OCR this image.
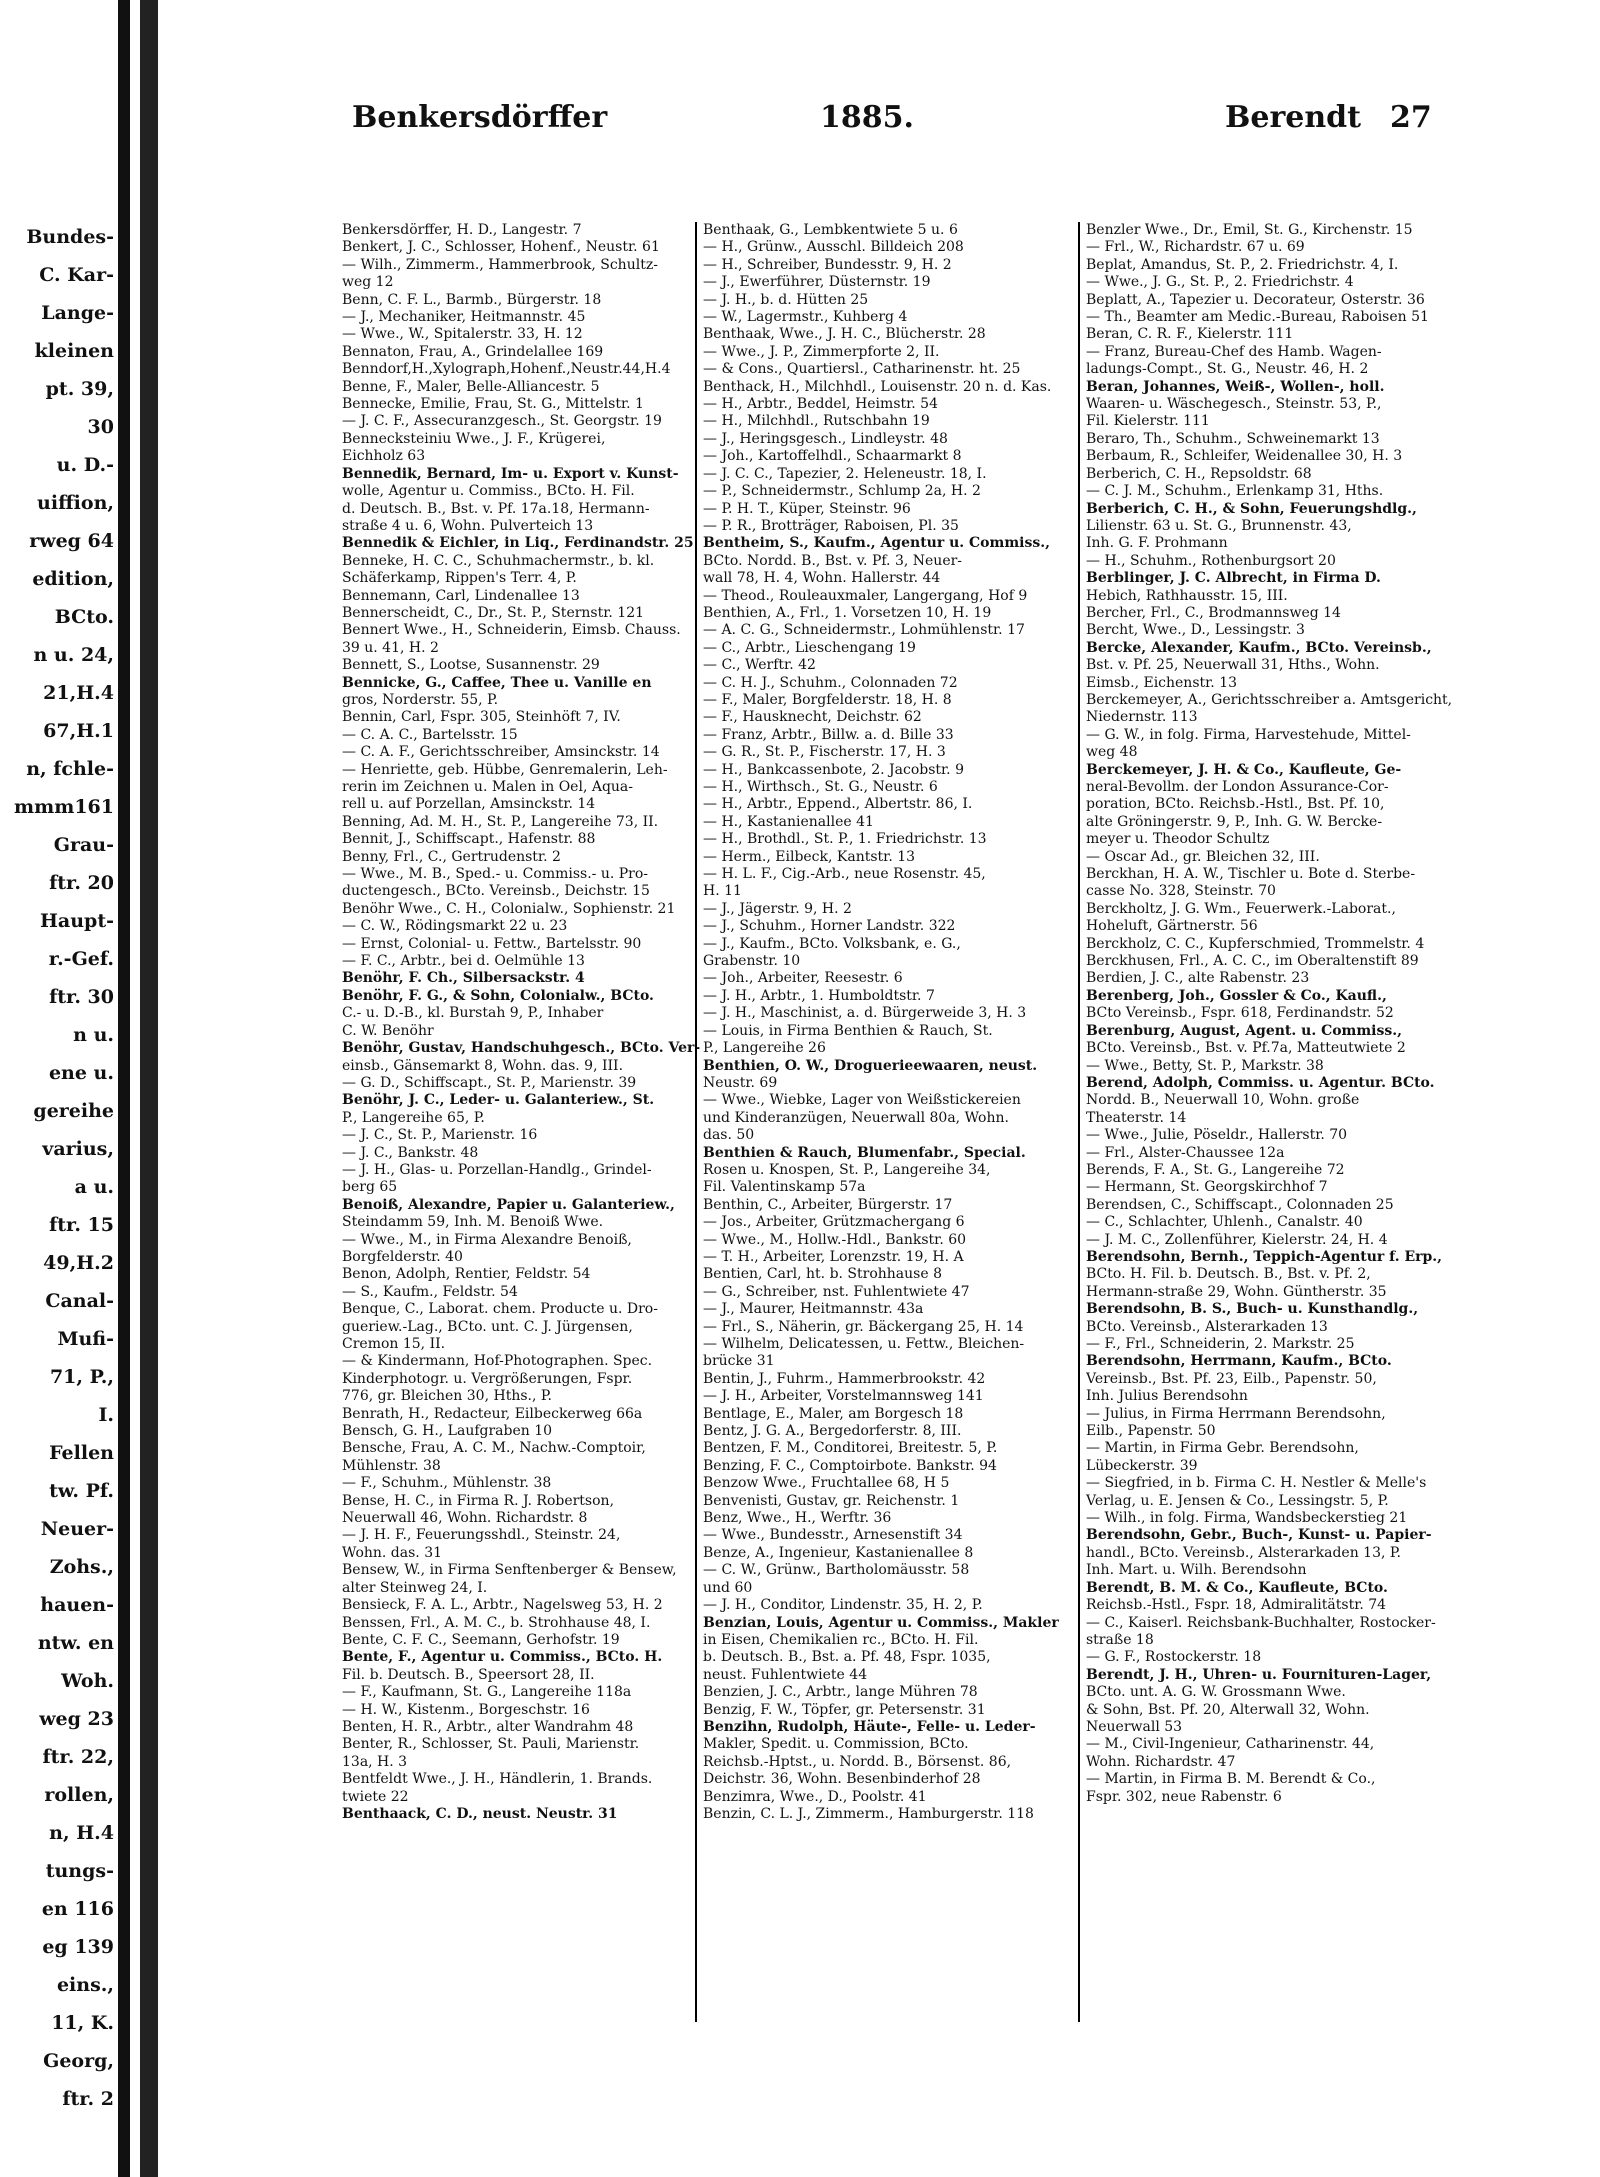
Bundes-
C. Kar-
Lange-
kleinen
pt. 39,
30
u. D.-
uiffion,
rweg 64
edition,
BCto.
n u. 24,
21,H.4
67,H.1
n, fchle-
mmm161
Grau-
ftr. 20
Haupt-
r.-Gef.
ftr. 30
n u.
ene u.
gereihe
varius,
a u.
ftr. 15
49,H.2
Canal-
Mufi-
71, P.,
I.
Fellen
tw. Pf.
Neuer-
Zohs.,
hauen-
ntw. en
Woh.
weg 23
ftr. 22,
rollen,
n, H.4
tungs-
en 116
eg 139
eins.,
11, K.
Georg,
ftr. 2
Benkersdörffer	1885.	Berendt 27
Benkersdörffer, H. D., Langestr. 7
Benkert, J. C., Schlosser, Hohenf., Neustr. 61
— Wilh., Zimmerm., Hammerbrook, Schultz-
weg 12
Benn, C. F. L., Barmb., Bürgerstr. 18
— J., Mechaniker, Heitmannstr. 45
— Wwe., W., Spitalerstr. 33, H. 12
Bennaton, Frau, A., Grindelallee 169
Benndorf,H.,Xylograph,Hohenf.,Neustr.44,H.4
Benne, F., Maler, Belle-Alliancestr. 5
Bennecke, Emilie, Frau, St. G., Mittelstr. 1
— J. C. F., Assecuranzgesch., St. Georgstr. 19
Bennecksteiniu Wwe., J. F., Krügerei,
Eichholz 63
Bennedik, Bernard, Im- u. Export v. Kunst-
wolle, Agentur u. Commiss., BCto. H. Fil.
d. Deutsch. B., Bst. v. Pf. 17a.18, Hermann-
straße 4 u. 6, Wohn. Pulverteich 13
Bennedik & Eichler, in Liq., Ferdinandstr. 25
Benneke, H. C. C., Schuhmachermstr., b. kl.
Schäferkamp, Rippen's Terr. 4, P.
Bennemann, Carl, Lindenallee 13
Bennerscheidt, C., Dr., St. P., Sternstr. 121
Bennert Wwe., H., Schneiderin, Eimsb. Chauss.
39 u. 41, H. 2
Bennett, S., Lootse, Susannenstr. 29
Bennicke, G., Caffee, Thee u. Vanille en
gros, Norderstr. 55, P.
Bennin, Carl, Fspr. 305, Steinhöft 7, IV.
— C. A. C., Bartelsstr. 15
— C. A. F., Gerichtsschreiber, Amsinckstr. 14
— Henriette, geb. Hübbe, Genremalerin, Leh-
rerin im Zeichnen u. Malen in Oel, Aqua-
rell u. auf Porzellan, Amsinckstr. 14
Benning, Ad. M. H., St. P., Langereihe 73, II.
Bennit, J., Schiffscapt., Hafenstr. 88
Benny, Frl., C., Gertrudenstr. 2
— Wwe., M. B., Sped.- u. Commiss.- u. Pro-
ductengesch., BCto. Vereinsb., Deichstr. 15
Benöhr Wwe., C. H., Colonialw., Sophienstr. 21
— C. W., Rödingsmarkt 22 u. 23
— Ernst, Colonial- u. Fettw., Bartelsstr. 90
— F. C., Arbtr., bei d. Oelmühle 13
Benöhr, F. Ch., Silbersackstr. 4
Benöhr, F. G., & Sohn, Colonialw., BCto.
C.- u. D.-B., kl. Burstah 9, P., Inhaber
C. W. Benöhr
Benöhr, Gustav, Handschuhgesch., BCto. Ver-
einsb., Gänsemarkt 8, Wohn. das. 9, III.
— G. D., Schiffscapt., St. P., Marienstr. 39
Benöhr, J. C., Leder- u. Galanteriew., St.
P., Langereihe 65, P.
— J. C., St. P., Marienstr. 16
— J. C., Bankstr. 48
— J. H., Glas- u. Porzellan-Handlg., Grindel-
berg 65
Benoiß, Alexandre, Papier u. Galanteriew.,
Steindamm 59, Inh. M. Benoiß Wwe.
— Wwe., M., in Firma Alexandre Benoiß,
Borgfelderstr. 40
Benon, Adolph, Rentier, Feldstr. 54
— S., Kaufm., Feldstr. 54
Benque, C., Laborat. chem. Producte u. Dro-
gueriew.-Lag., BCto. unt. C. J. Jürgensen,
Cremon 15, II.
— & Kindermann, Hof-Photographen. Spec.
Kinderphotogr. u. Vergrößerungen, Fspr.
776, gr. Bleichen 30, Hths., P.
Benrath, H., Redacteur, Eilbeckerweg 66a
Bensch, G. H., Laufgraben 10
Bensche, Frau, A. C. M., Nachw.-Comptoir,
Mühlenstr. 38
— F., Schuhm., Mühlenstr. 38
Bense, H. C., in Firma R. J. Robertson,
Neuerwall 46, Wohn. Richardstr. 8
— J. H. F., Feuerungsshdl., Steinstr. 24,
Wohn. das. 31
Bensew, W., in Firma Senftenberger & Bensew,
alter Steinweg 24, I.
Bensieck, F. A. L., Arbtr., Nagelsweg 53, H. 2
Benssen, Frl., A. M. C., b. Strohhause 48, I.
Bente, C. F. C., Seemann, Gerhofstr. 19
Bente, F., Agentur u. Commiss., BCto. H.
Fil. b. Deutsch. B., Speersort 28, II.
— F., Kaufmann, St. G., Langereihe 118a
— H. W., Kistenm., Borgeschstr. 16
Benten, H. R., Arbtr., alter Wandrahm 48
Benter, R., Schlosser, St. Pauli, Marienstr.
13a, H. 3
Bentfeldt Wwe., J. H., Händlerin, 1. Brands.
twiete 22
Benthaack, C. D., neust. Neustr. 31
Benthaak, G., Lembkentwiete 5 u. 6
— H., Grünw., Ausschl. Billdeich 208
— H., Schreiber, Bundesstr. 9, H. 2
— J., Ewerführer, Düsternstr. 19
— J. H., b. d. Hütten 25
— W., Lagermstr., Kuhberg 4
Benthaak, Wwe., J. H. C., Blücherstr. 28
— Wwe., J. P., Zimmerpforte 2, II.
— & Cons., Quartiersl., Catharinenstr. ht. 25
Benthack, H., Milchhdl., Louisenstr. 20 n. d. Kas.
— H., Arbtr., Beddel, Heimstr. 54
— H., Milchhdl., Rutschbahn 19
— J., Heringsgesch., Lindleystr. 48
— Joh., Kartoffelhdl., Schaarmarkt 8
— J. C. C., Tapezier, 2. Heleneustr. 18, I.
— P., Schneidermstr., Schlump 2a, H. 2
— P. H. T., Küper, Steinstr. 96
— P. R., Brotträger, Raboisen, Pl. 35
Bentheim, S., Kaufm., Agentur u. Commiss.,
BCto. Nordd. B., Bst. v. Pf. 3, Neuer-
wall 78, H. 4, Wohn. Hallerstr. 44
— Theod., Rouleauxmaler, Langergang, Hof 9
Benthien, A., Frl., 1. Vorsetzen 10, H. 19
— A. C. G., Schneidermstr., Lohmühlenstr. 17
— C., Arbtr., Lieschengang 19
— C., Werftr. 42
— C. H. J., Schuhm., Colonnaden 72
— F., Maler, Borgfelderstr. 18, H. 8
— F., Hausknecht, Deichstr. 62
— Franz, Arbtr., Billw. a. d. Bille 33
— G. R., St. P., Fischerstr. 17, H. 3
— H., Bankcassenbote, 2. Jacobstr. 9
— H., Wirthsch., St. G., Neustr. 6
— H., Arbtr., Eppend., Albertstr. 86, I.
— H., Kastanienallee 41
— H., Brothdl., St. P., 1. Friedrichstr. 13
— Herm., Eilbeck, Kantstr. 13
— H. L. F., Cig.-Arb., neue Rosenstr. 45,
H. 11
— J., Jägerstr. 9, H. 2
— J., Schuhm., Horner Landstr. 322
— J., Kaufm., BCto. Volksbank, e. G.,
Grabenstr. 10
— Joh., Arbeiter, Reesestr. 6
— J. H., Arbtr., 1. Humboldtstr. 7
— J. H., Maschinist, a. d. Bürgerweide 3, H. 3
— Louis, in Firma Benthien & Rauch, St.
P., Langereihe 26
Benthien, O. W., Droguerieewaaren, neust.
Neustr. 69
— Wwe., Wiebke, Lager von Weißstickereien
und Kinderanzügen, Neuerwall 80a, Wohn.
das. 50
Benthien & Rauch, Blumenfabr., Special.
Rosen u. Knospen, St. P., Langereihe 34,
Fil. Valentinskamp 57a
Benthin, C., Arbeiter, Bürgerstr. 17
— Jos., Arbeiter, Grützmachergang 6
— Wwe., M., Hollw.-Hdl., Bankstr. 60
— T. H., Arbeiter, Lorenzstr. 19, H. A
Bentien, Carl, ht. b. Strohhause 8
— G., Schreiber, nst. Fuhlentwiete 47
— J., Maurer, Heitmannstr. 43a
— Frl., S., Näherin, gr. Bäckergang 25, H. 14
— Wilhelm, Delicatessen, u. Fettw., Bleichen-
brücke 31
Bentin, J., Fuhrm., Hammerbrookstr. 42
— J. H., Arbeiter, Vorstelmannsweg 141
Bentlage, E., Maler, am Borgesch 18
Bentz, J. G. A., Bergedorferstr. 8, III.
Bentzen, F. M., Conditorei, Breitestr. 5, P.
Benzing, F. C., Comptoirbote. Bankstr. 94
Benzow Wwe., Fruchtallee 68, H 5
Benvenisti, Gustav, gr. Reichenstr. 1
Benz, Wwe., H., Werftr. 36
— Wwe., Bundesstr., Arnesenstift 34
Benze, A., Ingenieur, Kastanienallee 8
— C. W., Grünw., Bartholomäusstr. 58
und 60
— J. H., Conditor, Lindenstr. 35, H. 2, P.
Benzian, Louis, Agentur u. Commiss., Makler
in Eisen, Chemikalien rc., BCto. H. Fil.
b. Deutsch. B., Bst. a. Pf. 48, Fspr. 1035,
neust. Fuhlentwiete 44
Benzien, J. C., Arbtr., lange Mühren 78
Benzig, F. W., Töpfer, gr. Petersenstr. 31
Benzihn, Rudolph, Häute-, Felle- u. Leder-
Makler, Spedit. u. Commission, BCto.
Reichsb.-Hptst., u. Nordd. B., Börsenst. 86,
Deichstr. 36, Wohn. Besenbinderhof 28
Benzimra, Wwe., D., Poolstr. 41
Benzin, C. L. J., Zimmerm., Hamburgerstr. 118
Benzler Wwe., Dr., Emil, St. G., Kirchenstr. 15
— Frl., W., Richardstr. 67 u. 69
Beplat, Amandus, St. P., 2. Friedrichstr. 4, I.
— Wwe., J. G., St. P., 2. Friedrichstr. 4
Beplatt, A., Tapezier u. Decorateur, Osterstr. 36
— Th., Beamter am Medic.-Bureau, Raboisen 51
Beran, C. R. F., Kielerstr. 111
— Franz, Bureau-Chef des Hamb. Wagen-
ladungs-Compt., St. G., Neustr. 46, H. 2
Beran, Johannes, Weiß-, Wollen-, holl.
Waaren- u. Wäschegesch., Steinstr. 53, P.,
Fil. Kielerstr. 111
Beraro, Th., Schuhm., Schweinemarkt 13
Berbaum, R., Schleifer, Weidenallee 30, H. 3
Berberich, C. H., Repsoldstr. 68
— C. J. M., Schuhm., Erlenkamp 31, Hths.
Berberich, C. H., & Sohn, Feuerungshdlg.,
Lilienstr. 63 u. St. G., Brunnenstr. 43,
Inh. G. F. Prohmann
— H., Schuhm., Rothenburgsort 20
Berblinger, J. C. Albrecht, in Firma D.
Hebich, Rathhausstr. 15, III.
Bercher, Frl., C., Brodmannsweg 14
Bercht, Wwe., D., Lessingstr. 3
Bercke, Alexander, Kaufm., BCto. Vereinsb.,
Bst. v. Pf. 25, Neuerwall 31, Hths., Wohn.
Eimsb., Eichenstr. 13
Berckemeyer, A., Gerichtsschreiber a. Amtsgericht,
Niedernstr. 113
— G. W., in folg. Firma, Harvestehude, Mittel-
weg 48
Berckemeyer, J. H. & Co., Kaufleute, Ge-
neral-Bevollm. der London Assurance-Cor-
poration, BCto. Reichsb.-Hstl., Bst. Pf. 10,
alte Gröningerstr. 9, P., Inh. G. W. Bercke-
meyer u. Theodor Schultz
— Oscar Ad., gr. Bleichen 32, III.
Berckhan, H. A. W., Tischler u. Bote d. Sterbe-
casse No. 328, Steinstr. 70
Berckholtz, J. G. Wm., Feuerwerk.-Laborat.,
Hoheluft, Gärtnerstr. 56
Berckholz, C. C., Kupferschmied, Trommelstr. 4
Berckhusen, Frl., A. C. C., im Oberaltenstift 89
Berdien, J. C., alte Rabenstr. 23
Berenberg, Joh., Gossler & Co., Kaufl.,
BCto Vereinsb., Fspr. 618, Ferdinandstr. 52
Berenburg, August, Agent. u. Commiss.,
BCto. Vereinsb., Bst. v. Pf.7a, Matteutwiete 2
— Wwe., Betty, St. P., Markstr. 38
Berend, Adolph, Commiss. u. Agentur. BCto.
Nordd. B., Neuerwall 10, Wohn. große
Theaterstr. 14
— Wwe., Julie, Pöseldr., Hallerstr. 70
— Frl., Alster-Chaussee 12a
Berends, F. A., St. G., Langereihe 72
— Hermann, St. Georgskirchhof 7
Berendsen, C., Schiffscapt., Colonnaden 25
— C., Schlachter, Uhlenh., Canalstr. 40
— J. M. C., Zollenführer, Kielerstr. 24, H. 4
Berendsohn, Bernh., Teppich-Agentur f. Erp.,
BCto. H. Fil. b. Deutsch. B., Bst. v. Pf. 2,
Hermann-straße 29, Wohn. Güntherstr. 35
Berendsohn, B. S., Buch- u. Kunsthandlg.,
BCto. Vereinsb., Alsterarkaden 13
— F., Frl., Schneiderin, 2. Markstr. 25
Berendsohn, Herrmann, Kaufm., BCto.
Vereinsb., Bst. Pf. 23, Eilb., Papenstr. 50,
Inh. Julius Berendsohn
— Julius, in Firma Herrmann Berendsohn,
Eilb., Papenstr. 50
— Martin, in Firma Gebr. Berendsohn,
Lübeckerstr. 39
— Siegfried, in b. Firma C. H. Nestler & Melle's
Verlag, u. E. Jensen & Co., Lessingstr. 5, P.
— Wilh., in folg. Firma, Wandsbeckerstieg 21
Berendsohn, Gebr., Buch-, Kunst- u. Papier-
handl., BCto. Vereinsb., Alsterarkaden 13, P.
Inh. Mart. u. Wilh. Berendsohn
Berendt, B. M. & Co., Kaufleute, BCto.
Reichsb.-Hstl., Fspr. 18, Admiralitätstr. 74
— C., Kaiserl. Reichsbank-Buchhalter, Rostocker-
straße 18
— G. F., Rostockerstr. 18
Berendt, J. H., Uhren- u. Fournituren-Lager,
BCto. unt. A. G. W. Grossmann Wwe.
& Sohn, Bst. Pf. 20, Alterwall 32, Wohn.
Neuerwall 53
— M., Civil-Ingenieur, Catharinenstr. 44,
Wohn. Richardstr. 47
— Martin, in Firma B. M. Berendt & Co.,
Fspr. 302, neue Rabenstr. 6
